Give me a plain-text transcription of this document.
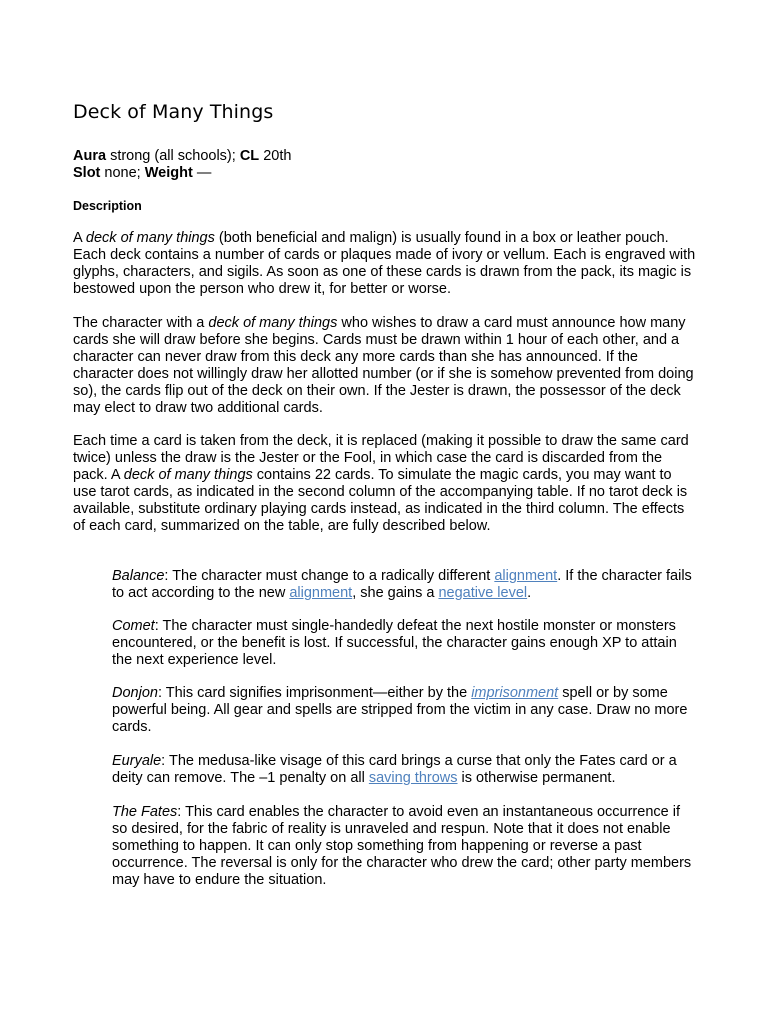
Deck of Many Things

Aura strong (all schools); CL 20th

Slot none; Weight —

Description

A deck of many things (both beneficial and malign) is usually found in a box or leather pouch. Each deck contains a number of cards or plaques made of ivory or vellum. Each is engraved with glyphs, characters, and sigils. As soon as one of these cards is drawn from the pack, its magic is bestowed upon the person who drew it, for better or worse.

The character with a deck of many things who wishes to draw a card must announce how many cards she will draw before she begins. Cards must be drawn within 1 hour of each other, and a character can never draw from this deck any more cards than she has announced. If the character does not willingly draw her allotted number (or if she is somehow prevented from doing so), the cards flip out of the deck on their own. If the Jester is drawn, the possessor of the deck may elect to draw two additional cards.

Each time a card is taken from the deck, it is replaced (making it possible to draw the same card twice) unless the draw is the Jester or the Fool, in which case the card is discarded from the pack. A deck of many things contains 22 cards. To simulate the magic cards, you may want to use tarot cards, as indicated in the second column of the accompanying table. If no tarot deck is available, substitute ordinary playing cards instead, as indicated in the third column. The effects of each card, summarized on the table, are fully described below.

Balance: The character must change to a radically different alignment. If the character fails to act according to the new alignment, she gains a negative level.

Comet: The character must single-handedly defeat the next hostile monster or monsters encountered, or the benefit is lost. If successful, the character gains enough XP to attain the next experience level.

Donjon: This card signifies imprisonment—either by the imprisonment spell or by some powerful being. All gear and spells are stripped from the victim in any case. Draw no more cards.

Euryale: The medusa-like visage of this card brings a curse that only the Fates card or a deity can remove. The –1 penalty on all saving throws is otherwise permanent.

The Fates: This card enables the character to avoid even an instantaneous occurrence if so desired, for the fabric of reality is unraveled and respun. Note that it does not enable something to happen. It can only stop something from happening or reverse a past occurrence. The reversal is only for the character who drew the card; other party members may have to endure the situation.
